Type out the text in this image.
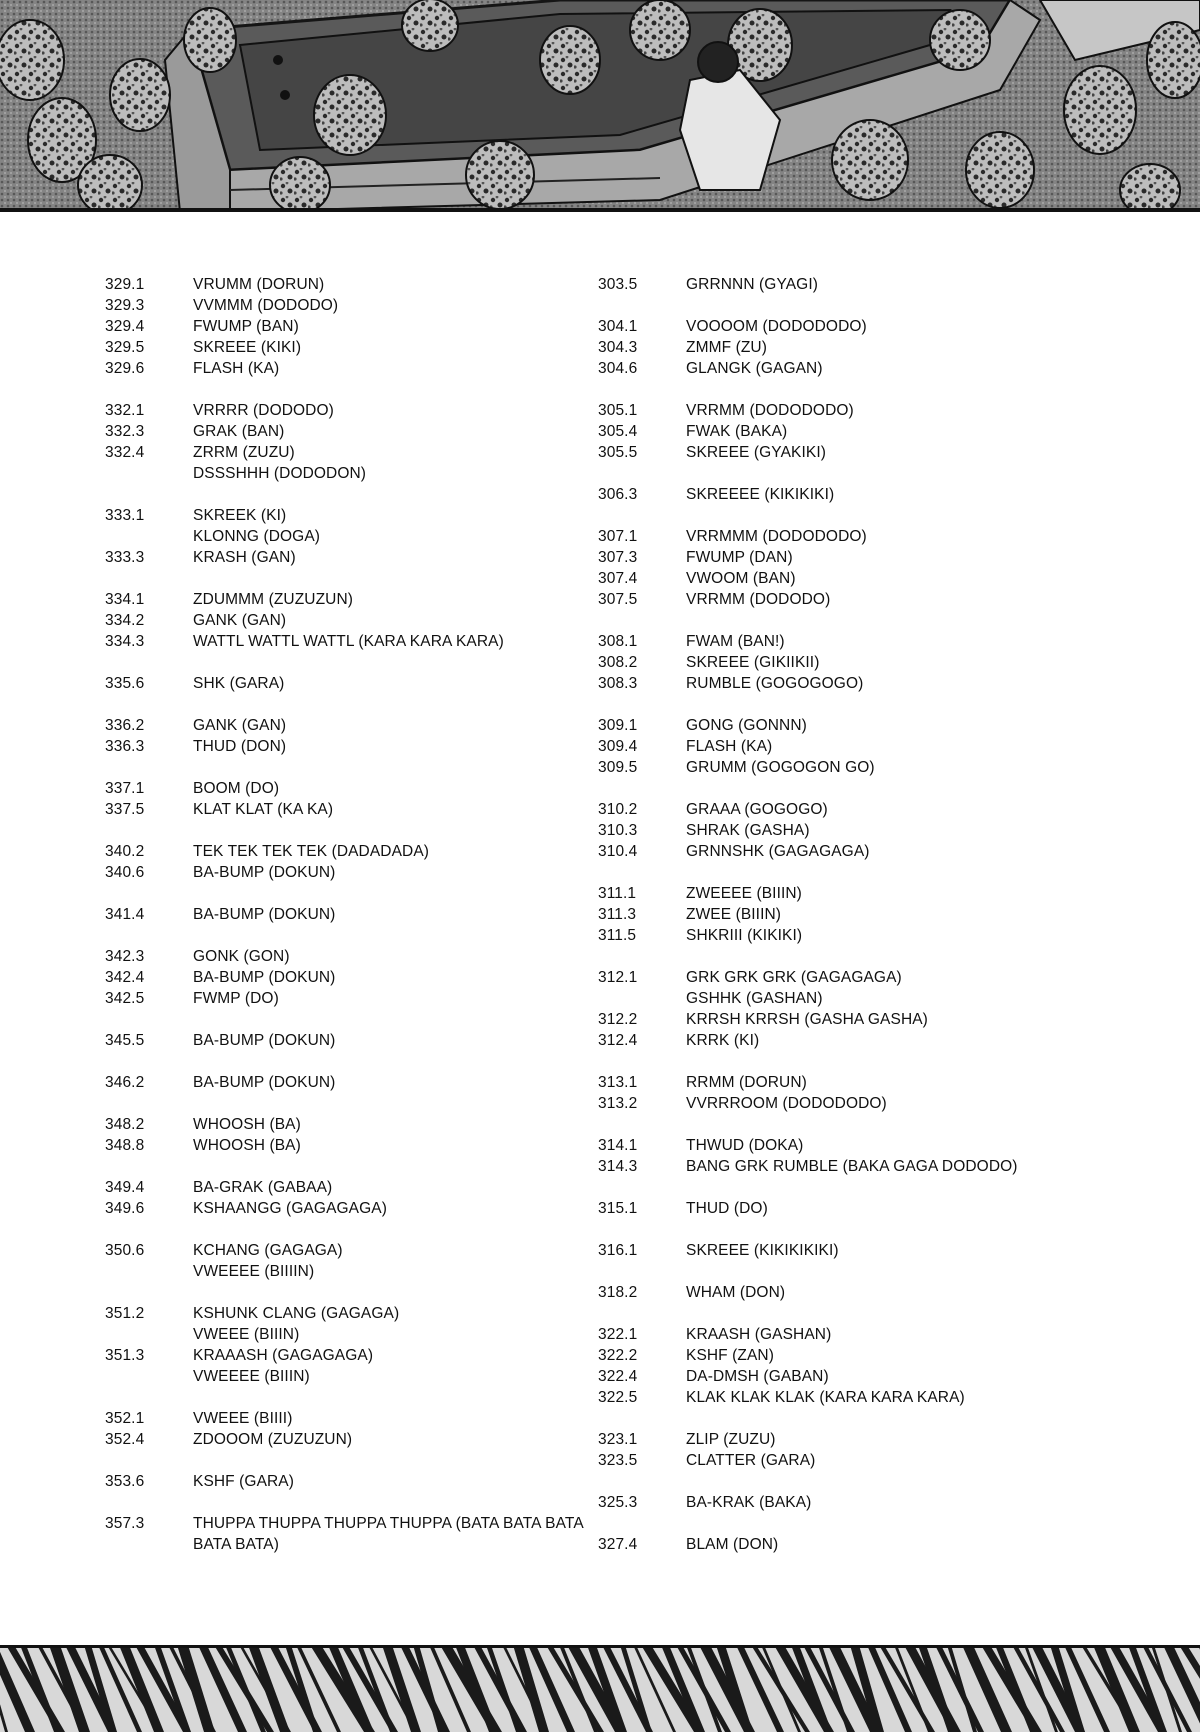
329.1	VRUMM (DORUN)
329.3	VVMMM (DODODO)
329.4	FWUMP (BAN)
329.5	SKREEE (KIKI)
329.6	FLASH (KA)
332.1	VRRRR (DODODO)
332.3	GRAK (BAN)
332.4	ZRRM (ZUZU)
DSSSHHH (DODODON)
333.1	SKREEK (KI)
KLONNG (DOGA)
333.3	KRASH (GAN)
334.1	ZDUMMM (ZUZUZUN)
334.2	GANK (GAN)
334.3	WATTL WATTL WATTL (KARA KARA KARA)
335.6	SHK (GARA)
336.2	GANK (GAN)
336.3	THUD (DON)
337.1	BOOM (DO)
337.5	KLAT KLAT (KA KA)
340.2	TEK TEK TEK TEK (DADADADA)
340.6	BA-BUMP (DOKUN)
341.4	BA-BUMP (DOKUN)
342.3	GONK (GON)
342.4	BA-BUMP (DOKUN)
342.5	FWMP (DO)
345.5	BA-BUMP (DOKUN)
346.2	BA-BUMP (DOKUN)
348.2	WHOOSH (BA)
348.8	WHOOSH (BA)
349.4	BA-GRAK (GABAA)
349.6	KSHAANGG (GAGAGAGA)
350.6	KCHANG (GAGAGA)
VWEEEE (BIIIIN)
351.2	KSHUNK CLANG (GAGAGA)
VWEEE (BIIIN)
351.3	KRAAASH (GAGAGAGA)
VWEEEE (BIIIN)
352.1	VWEEE (BIIII)
352.4	ZDOOOM (ZUZUZUN)
353.6	KSHF (GARA)
357.3	THUPPA THUPPA THUPPA THUPPA (BATA BATA BATA BATA BATA)
303.5	GRRNNN (GYAGI)
304.1	VOOOOM (DODODODO)
304.3	ZMMF (ZU)
304.6	GLANGK (GAGAN)
305.1	VRRMM (DODODODO)
305.4	FWAK (BAKA)
305.5	SKREEE (GYAKIKI)
306.3	SKREEEE (KIKIKIKI)
307.1	VRRMMM (DODODODO)
307.3	FWUMP (DAN)
307.4	VWOOM (BAN)
307.5	VRRMM (DODODO)
308.1	FWAM (BAN!)
308.2	SKREEE (GIKIIKII)
308.3	RUMBLE (GOGOGOGO)
309.1	GONG (GONNN)
309.4	FLASH (KA)
309.5	GRUMM (GOGOGON GO)
310.2	GRAAA (GOGOGO)
310.3	SHRAK (GASHA)
310.4	GRNNSHK (GAGAGAGA)
311.1	ZWEEEE (BIIIN)
311.3	ZWEE (BIIIN)
311.5	SHKRIII (KIKIKI)
312.1	GRK GRK GRK (GAGAGAGA)
GSHHK (GASHAN)
312.2	KRRSH KRRSH (GASHA GASHA)
312.4	KRRK (KI)
313.1	RRMM (DORUN)
313.2	VVRRROOM (DODODODO)
314.1	THWUD (DOKA)
314.3	BANG GRK RUMBLE (BAKA GAGA DODODO)
315.1	THUD (DO)
316.1	SKREEE (KIKIKIKIKI)
318.2	WHAM (DON)
322.1	KRAASH (GASHAN)
322.2	KSHF (ZAN)
322.4	DA-DMSH (GABAN)
322.5	KLAK KLAK KLAK (KARA KARA KARA)
323.1	ZLIP (ZUZU)
323.5	CLATTER (GARA)
325.3	BA-KRAK (BAKA)
327.4	BLAM (DON)
